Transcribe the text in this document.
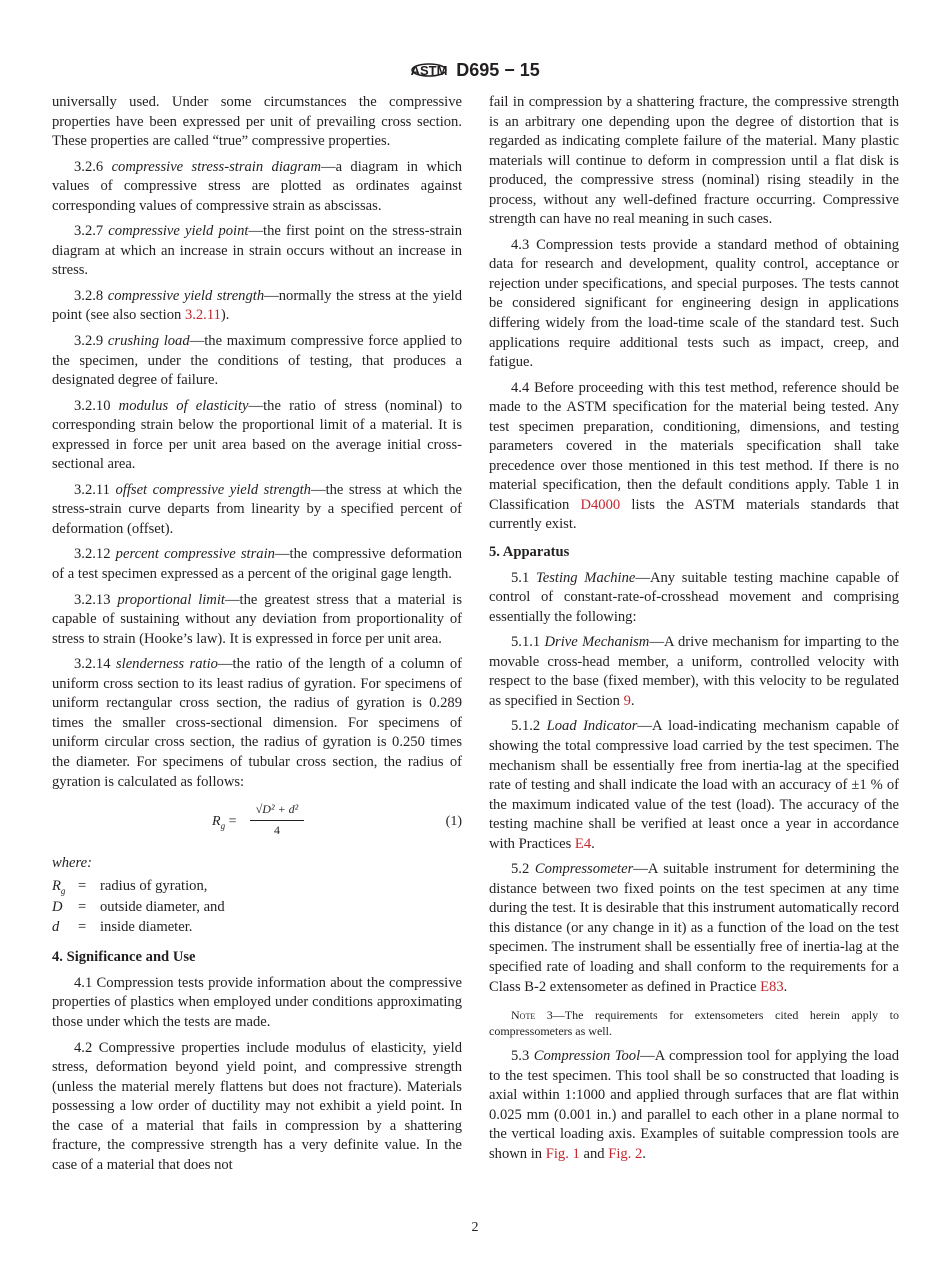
ASTM D695 − 15

universally used. Under some circumstances the compressive properties have been expressed per unit of prevailing cross section. These properties are called “true” compressive properties.

3.2.6 compressive stress-strain diagram—a diagram in which values of compressive stress are plotted as ordinates against corresponding values of compressive strain as abscissas.

3.2.7 compressive yield point—the first point on the stress-strain diagram at which an increase in strain occurs without an increase in stress.

3.2.8 compressive yield strength—normally the stress at the yield point (see also section 3.2.11).

3.2.9 crushing load—the maximum compressive force applied to the specimen, under the conditions of testing, that produces a designated degree of failure.

3.2.10 modulus of elasticity—the ratio of stress (nominal) to corresponding strain below the proportional limit of a material. It is expressed in force per unit area based on the average initial cross-sectional area.

3.2.11 offset compressive yield strength—the stress at which the stress-strain curve departs from linearity by a specified percent of deformation (offset).

3.2.12 percent compressive strain—the compressive deformation of a test specimen expressed as a percent of the original gage length.

3.2.13 proportional limit—the greatest stress that a material is capable of sustaining without any deviation from proportionality of stress to strain (Hooke’s law). It is expressed in force per unit area.

3.2.14 slenderness ratio—the ratio of the length of a column of uniform cross section to its least radius of gyration. For specimens of uniform rectangular cross section, the radius of gyration is 0.289 times the smaller cross-sectional dimension. For specimens of uniform circular cross section, the radius of gyration is 0.250 times the diameter. For specimens of tubular cross section, the radius of gyration is calculated as follows:

$R_g = \frac{\text{√D² + d²}}{4}$	(1)
where:
$R_g$ = radius of gyration,
D	= outside diameter, and
d	= inside diameter.
4. Significance and Use

4.1 Compression tests provide information about the compressive properties of plastics when employed under conditions approximating those under which the tests are made.

4.2 Compressive properties include modulus of elasticity, yield stress, deformation beyond yield point, and compressive strength (unless the material merely flattens but does not fracture). Materials possessing a low order of ductility may not exhibit a yield point. In the case of a material that fails in compression by a shattering fracture, the compressive strength has a very definite value. In the case of a material that does not

fail in compression by a shattering fracture, the compressive strength is an arbitrary one depending upon the degree of distortion that is regarded as indicating complete failure of the material. Many plastic materials will continue to deform in compression until a flat disk is produced, the compressive stress (nominal) rising steadily in the process, without any well-defined fracture occurring. Compressive strength can have no real meaning in such cases.

4.3 Compression tests provide a standard method of obtaining data for research and development, quality control, acceptance or rejection under specifications, and special purposes. The tests cannot be considered significant for engineering design in applications differing widely from the load-time scale of the standard test. Such applications require additional tests such as impact, creep, and fatigue.

4.4 Before proceeding with this test method, reference should be made to the ASTM specification for the material being tested. Any test specimen preparation, conditioning, dimensions, and testing parameters covered in the materials specification shall take precedence over those mentioned in this test method. If there is no material specification, then the default conditions apply. Table 1 in Classification D4000 lists the ASTM materials standards that currently exist.

5. Apparatus

5.1 Testing Machine—Any suitable testing machine capable of control of constant-rate-of-crosshead movement and comprising essentially the following:

5.1.1 Drive Mechanism—A drive mechanism for imparting to the movable cross-head member, a uniform, controlled velocity with respect to the base (fixed member), with this velocity to be regulated as specified in Section 9.

5.1.2 Load Indicator—A load-indicating mechanism capable of showing the total compressive load carried by the test specimen. The mechanism shall be essentially free from inertia-lag at the specified rate of testing and shall indicate the load with an accuracy of ±1 % of the maximum indicated value of the test (load). The accuracy of the testing machine shall be verified at least once a year in accordance with Practices E4.

5.2 Compressometer—A suitable instrument for determining the distance between two fixed points on the test specimen at any time during the test. It is desirable that this instrument automatically record this distance (or any change in it) as a function of the load on the test specimen. The instrument shall be essentially free of inertia-lag at the specified rate of loading and shall conform to the requirements for a Class B-2 extensometer as defined in Practice E83.

Note 3—The requirements for extensometers cited herein apply to compressometers as well.

5.3 Compression Tool—A compression tool for applying the load to the test specimen. This tool shall be so constructed that loading is axial within 1:1000 and applied through surfaces that are flat within 0.025 mm (0.001 in.) and parallel to each other in a plane normal to the vertical loading axis. Examples of suitable compression tools are shown in Fig. 1 and Fig. 2.

2
